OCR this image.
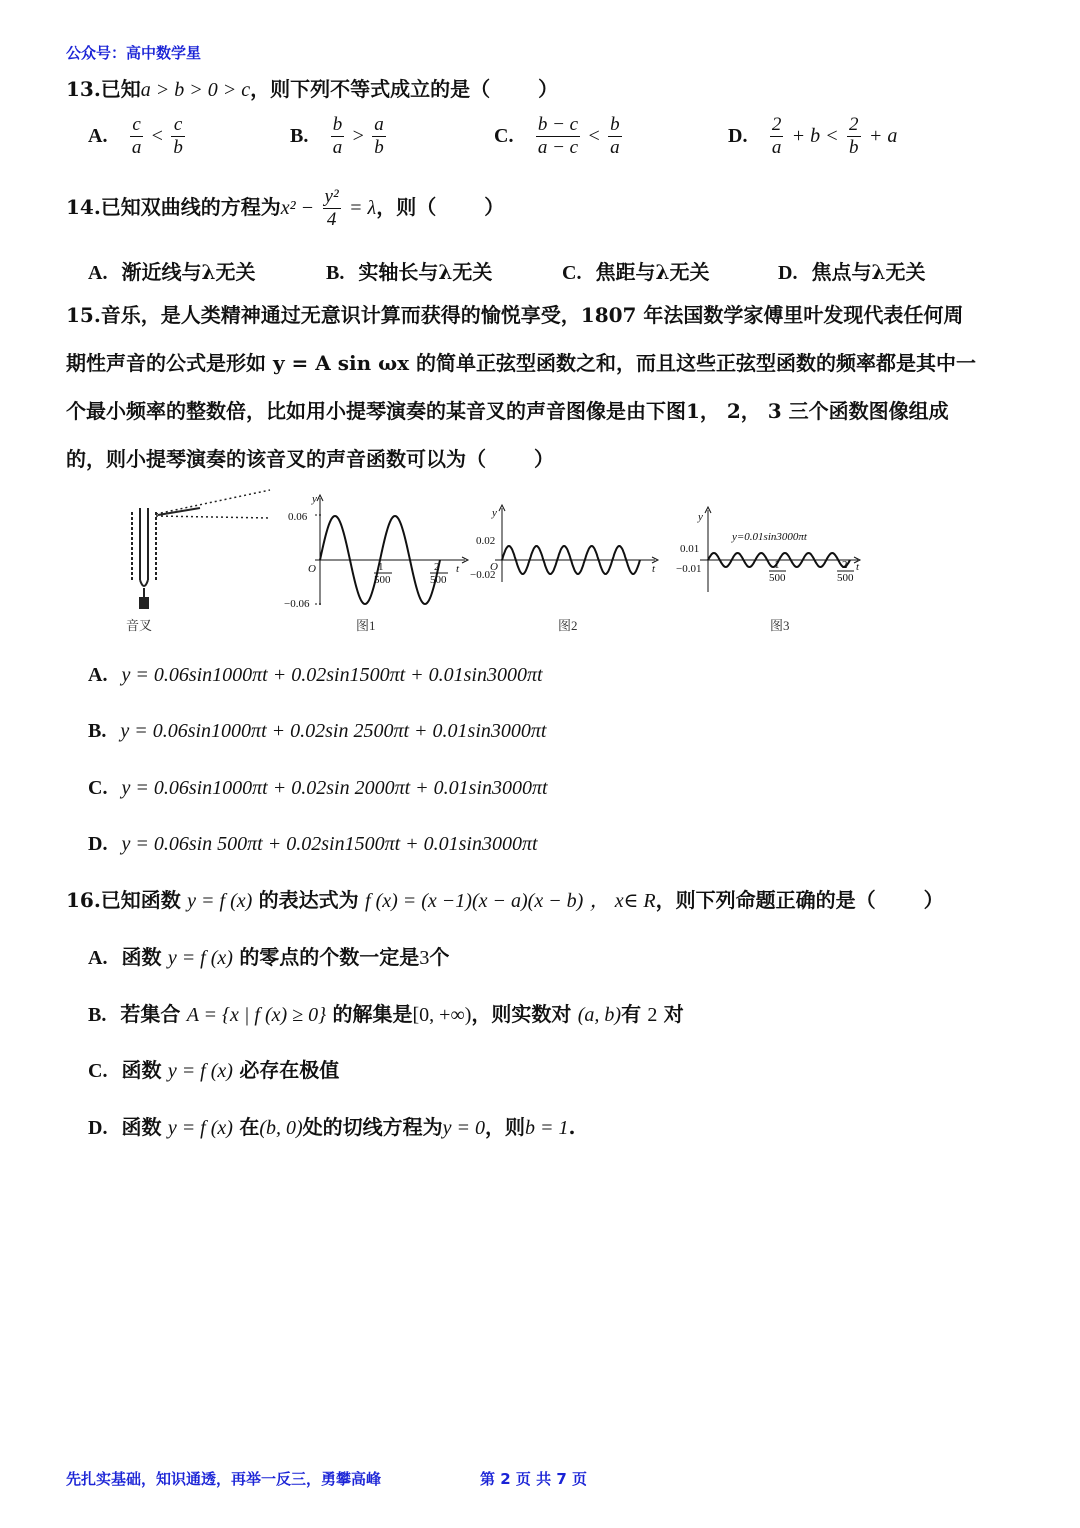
公众号：高中数学星
13.已知a > b > 0 > c，则下列不等式成立的是（ ）
A. $\frac{c}{a} < \frac{c}{b}$	B. $\frac{b}{a} > \frac{a}{b}$	C. $\frac{b - c}{a - c} < \frac{b}{a}$	D. $\frac{2}{a} + b < \frac{2}{b} + a$
14.已知双曲线的方程为$x^2 - \frac{\text{y²}}{4} = \lambda$，则（ ）
A. 渐近线与λ无关	B. 实轴长与λ无关	C. 焦距与λ无关	D. 焦点与λ无关
15.音乐，是人类精神通过无意识计算而获得的愉悦享受，1807 年法国数学家傅里叶发现代表任何周
期性声音的公式是形如 y = A sin ωx 的简单正弦型函数之和，而且这些正弦型函数的频率都是其中一
个最小频率的整数倍，比如用小提琴演奏的某音叉的声音图像是由下图1， 2， 3 三个函数图像组成
的，则小提琴演奏的该音叉的声音函数可以为（ ）
音叉
0.06
−0.06
y
t
O	1
500
2
500
图1
0.02
−0.02
y
t
O
图2
0.01
−0.01
y
t
y=0.01sin3000πt
1
500
2
500
图3
A. y = 0.06sin1000πt + 0.02sin1500πt + 0.01sin3000πt
B. y = 0.06sin1000πt + 0.02sin 2500πt + 0.01sin3000πt
C. y = 0.06sin1000πt + 0.02sin 2000πt + 0.01sin3000πt
D. y = 0.06sin 500πt + 0.02sin1500πt + 0.01sin3000πt
16.已知函数 y = f (x) 的表达式为 f (x) = (x −1)(x − a)(x − b) ， x∈ R，则下列命题正确的是（ ）
A. 函数 y = f (x) 的零点的个数一定是3个
B. 若集合 A = {x | f (x) ≥ 0} 的解集是[0, +∞)，则实数对 (a, b)有 2 对
C. 函数 y = f (x) 必存在极值
D. 函数 y = f (x) 在(b, 0)处的切线方程为y = 0，则b = 1.
先扎实基础，知识通透，再举一反三，勇攀高峰	第 2 页 共 7 页
